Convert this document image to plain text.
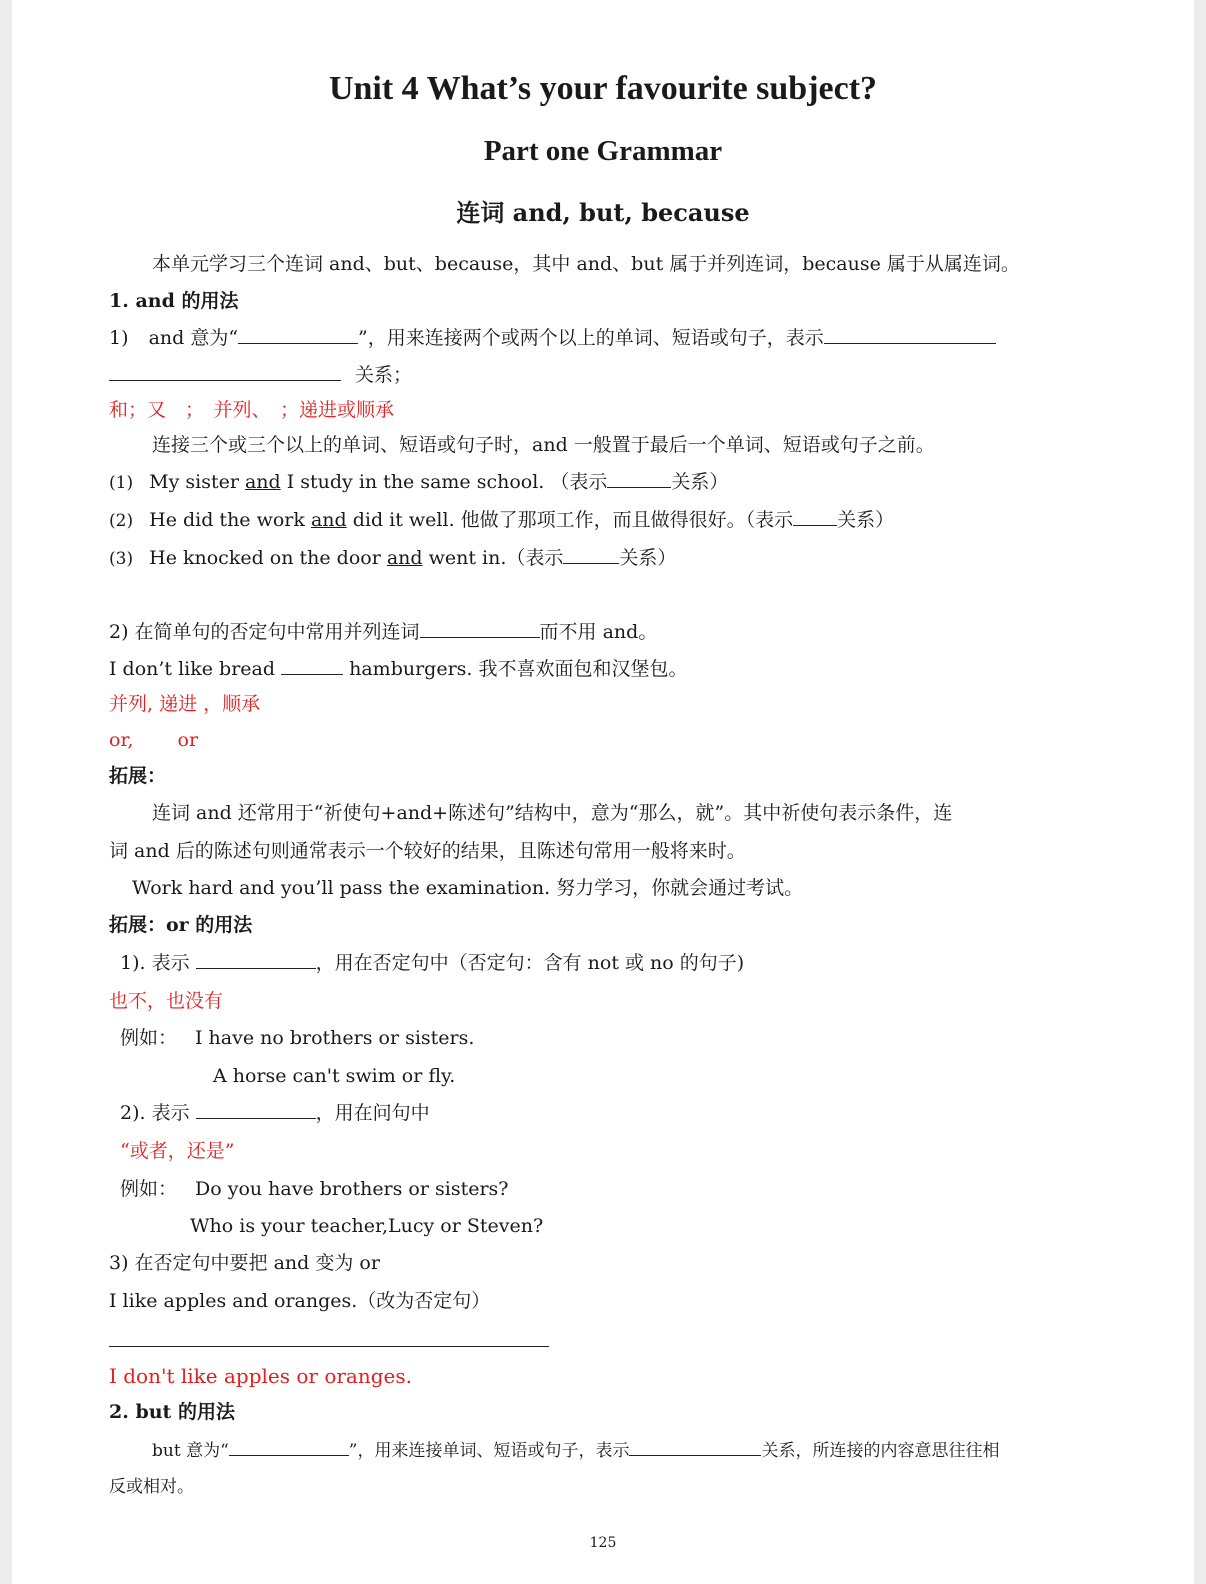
Unit 4 What’s your favourite subject?
Part one Grammar
连词 and, but, because
本单元学习三个连词 and、but、because，其中 and、but 属于并列连词，because 属于从属连词。
1. and 的用法
1) and 意为“	”，用来连接两个或两个以上的单词、短语或句子，表示
关系；
和；又　；　并列、　；递进或顺承
连接三个或三个以上的单词、短语或句子时，and 一般置于最后一个单词、短语或句子之前。
(1) My sister and I study in the same school. （表示	关系）
(2) He did the work and did it well. 他做了那项工作，而且做得很好。（表示 关系）
(3) He knocked on the door and went in.（表示	关系）
2) 在简单句的否定句中常用并列连词	而不用 and。
I don’t like bread	hamburgers. 我不喜欢面包和汉堡包。
并列, 递进 ，顺承
or,　　 or
拓展：
连词 and 还常用于“祈使句+and+陈述句”结构中，意为“那么，就”。其中祈使句表示条件，连
词 and 后的陈述句则通常表示一个较好的结果，且陈述句常用一般将来时。
Work hard and you’ll pass the examination. 努力学习，你就会通过考试。
拓展：or 的用法
1). 表示	，用在否定句中（否定句：含有 not 或 no 的句子)
也不，也没有
例如： I have no brothers or sisters.
A horse can't swim or fly.
2). 表示	，用在问句中
“或者，还是”
例如： Do you have brothers or sisters?
Who is your teacher,Lucy or Steven?
3) 在否定句中要把 and 变为 or
I like apples and oranges.（改为否定句）
I don't like apples or oranges.
2. but 的用法
but 意为“	”，用来连接单词、短语或句子，表示	关系，所连接的内容意思往往相
反或相对。
125
